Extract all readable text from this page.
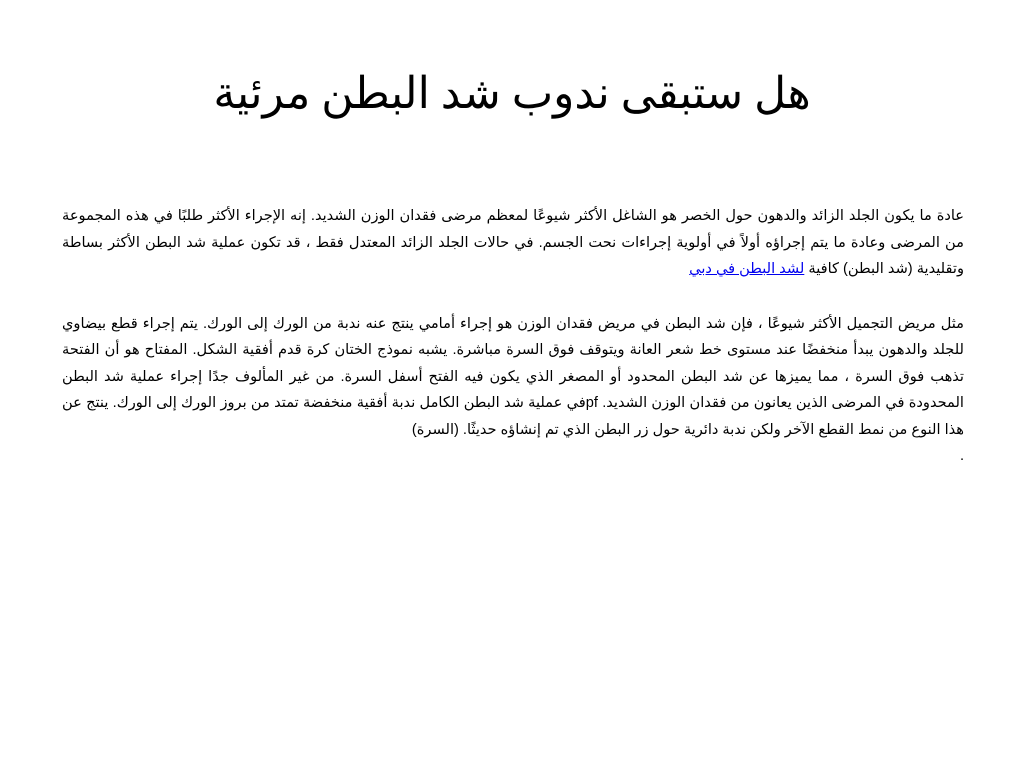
هل ستبقى ندوب شد البطن مرئية

عادة ما يكون الجلد الزائد والدهون حول الخصر هو الشاغل الأكثر شيوعًا لمعظم مرضى فقدان الوزن الشديد. إنه الإجراء الأكثر طلبًا في هذه المجموعة من المرضى وعادة ما يتم إجراؤه أولاً في أولوية إجراءات نحت الجسم. في حالات الجلد الزائد المعتدل فقط ، قد تكون عملية شد البطن الأكثر بساطة وتقليدية (شد البطن) كافية لشد البطن في دبي

مثل مريض التجميل الأكثر شيوعًا ، فإن شد البطن في مريض فقدان الوزن هو إجراء أمامي ينتج عنه ندبة من الورك إلى الورك. يتم إجراء قطع بيضاوي للجلد والدهون يبدأ منخفضًا عند مستوى خط شعر العانة ويتوقف فوق السرة مباشرة. يشبه نموذج الختان كرة قدم أفقية الشكل. المفتاح هو أن الفتحة تذهب فوق السرة ، مما يميزها عن شد البطن المحدود أو المصغر الذي يكون فيه الفتح أسفل السرة. من غير المألوف جدًا إجراء عملية شد البطن المحدودة في المرضى الذين يعانون من فقدان الوزن الشديد. pfفي عملية شد البطن الكامل ندبة أفقية منخفضة تمتد من بروز الورك إلى الورك. ينتج عن هذا النوع من نمط القطع الآخر ولكن ندبة دائرية حول زر البطن الذي تم إنشاؤه حديثًا. (السرة)
.
